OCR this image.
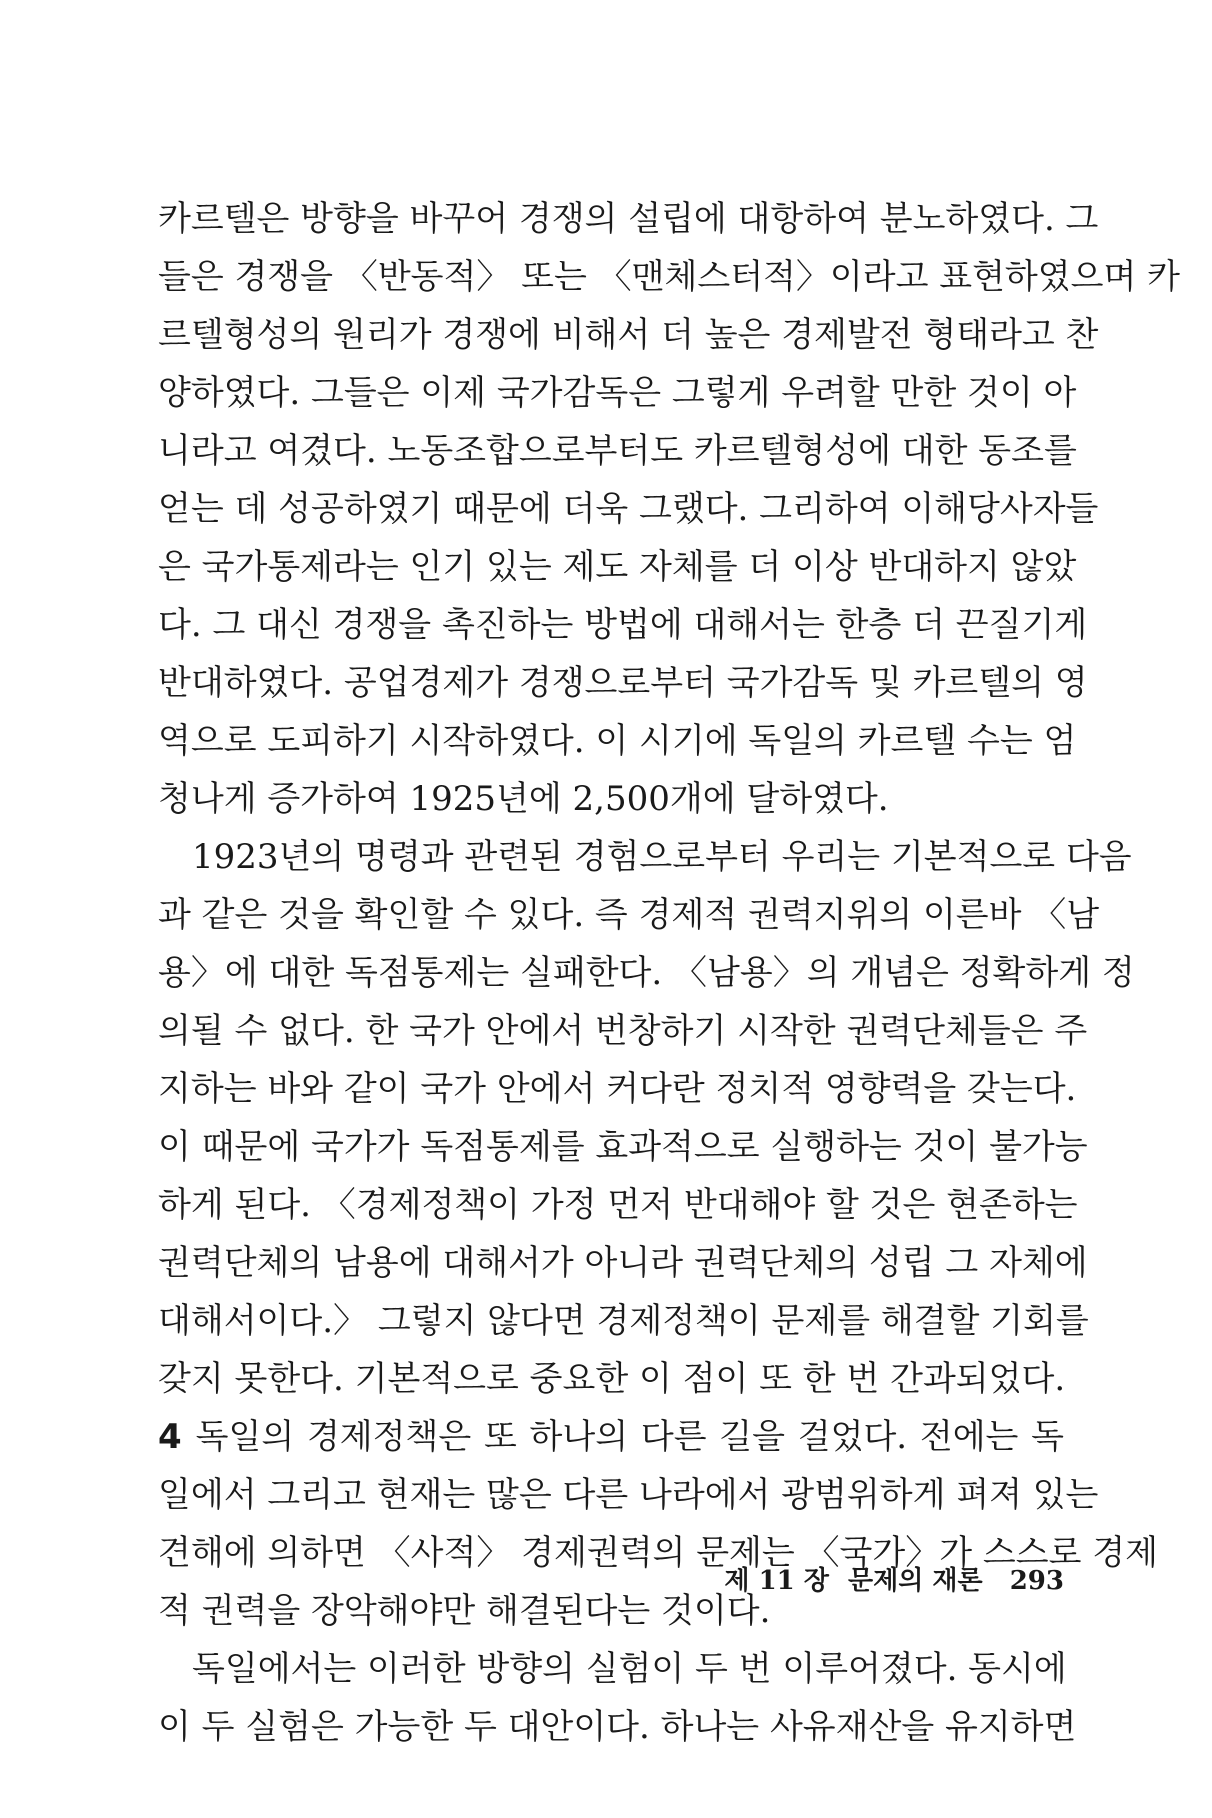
카르텔은 방향을 바꾸어 경쟁의 설립에 대항하여 분노하였다. 그
들은 경쟁을 〈반동적〉 또는 〈맨체스터적〉이라고 표현하였으며 카
르텔형성의 원리가 경쟁에 비해서 더 높은 경제발전 형태라고 찬
양하였다. 그들은 이제 국가감독은 그렇게 우려할 만한 것이 아
니라고 여겼다. 노동조합으로부터도 카르텔형성에 대한 동조를
얻는 데 성공하였기 때문에 더욱 그랬다. 그리하여 이해당사자들
은 국가통제라는 인기 있는 제도 자체를 더 이상 반대하지 않았
다. 그 대신 경쟁을 촉진하는 방법에 대해서는 한층 더 끈질기게
반대하였다. 공업경제가 경쟁으로부터 국가감독 및 카르텔의 영
역으로 도피하기 시작하였다. 이 시기에 독일의 카르텔 수는 엄
청나게 증가하여 1925년에 2,500개에 달하였다.
1923년의 명령과 관련된 경험으로부터 우리는 기본적으로 다음
과 같은 것을 확인할 수 있다. 즉 경제적 권력지위의 이른바 〈남
용〉에 대한 독점통제는 실패한다. 〈남용〉의 개념은 정확하게 정
의될 수 없다. 한 국가 안에서 번창하기 시작한 권력단체들은 주
지하는 바와 같이 국가 안에서 커다란 정치적 영향력을 갖는다.
이 때문에 국가가 독점통제를 효과적으로 실행하는 것이 불가능
하게 된다. 〈경제정책이 가정 먼저 반대해야 할 것은 현존하는
권력단체의 남용에 대해서가 아니라 권력단체의 성립 그 자체에
대해서이다.〉 그렇지 않다면 경제정책이 문제를 해결할 기회를
갖지 못한다. 기본적으로 중요한 이 점이 또 한 번 간과되었다.
4 독일의 경제정책은 또 하나의 다른 길을 걸었다. 전에는 독
일에서 그리고 현재는 많은 다른 나라에서 광범위하게 펴져 있는
견해에 의하면 〈사적〉 경제권력의 문제는 〈국가〉가 스스로 경제
적 권력을 장악해야만 해결된다는 것이다.
독일에서는 이러한 방향의 실험이 두 번 이루어졌다. 동시에
이 두 실험은 가능한 두 대안이다. 하나는 사유재산을 유지하면
제 11 장 문제의 재론 293
